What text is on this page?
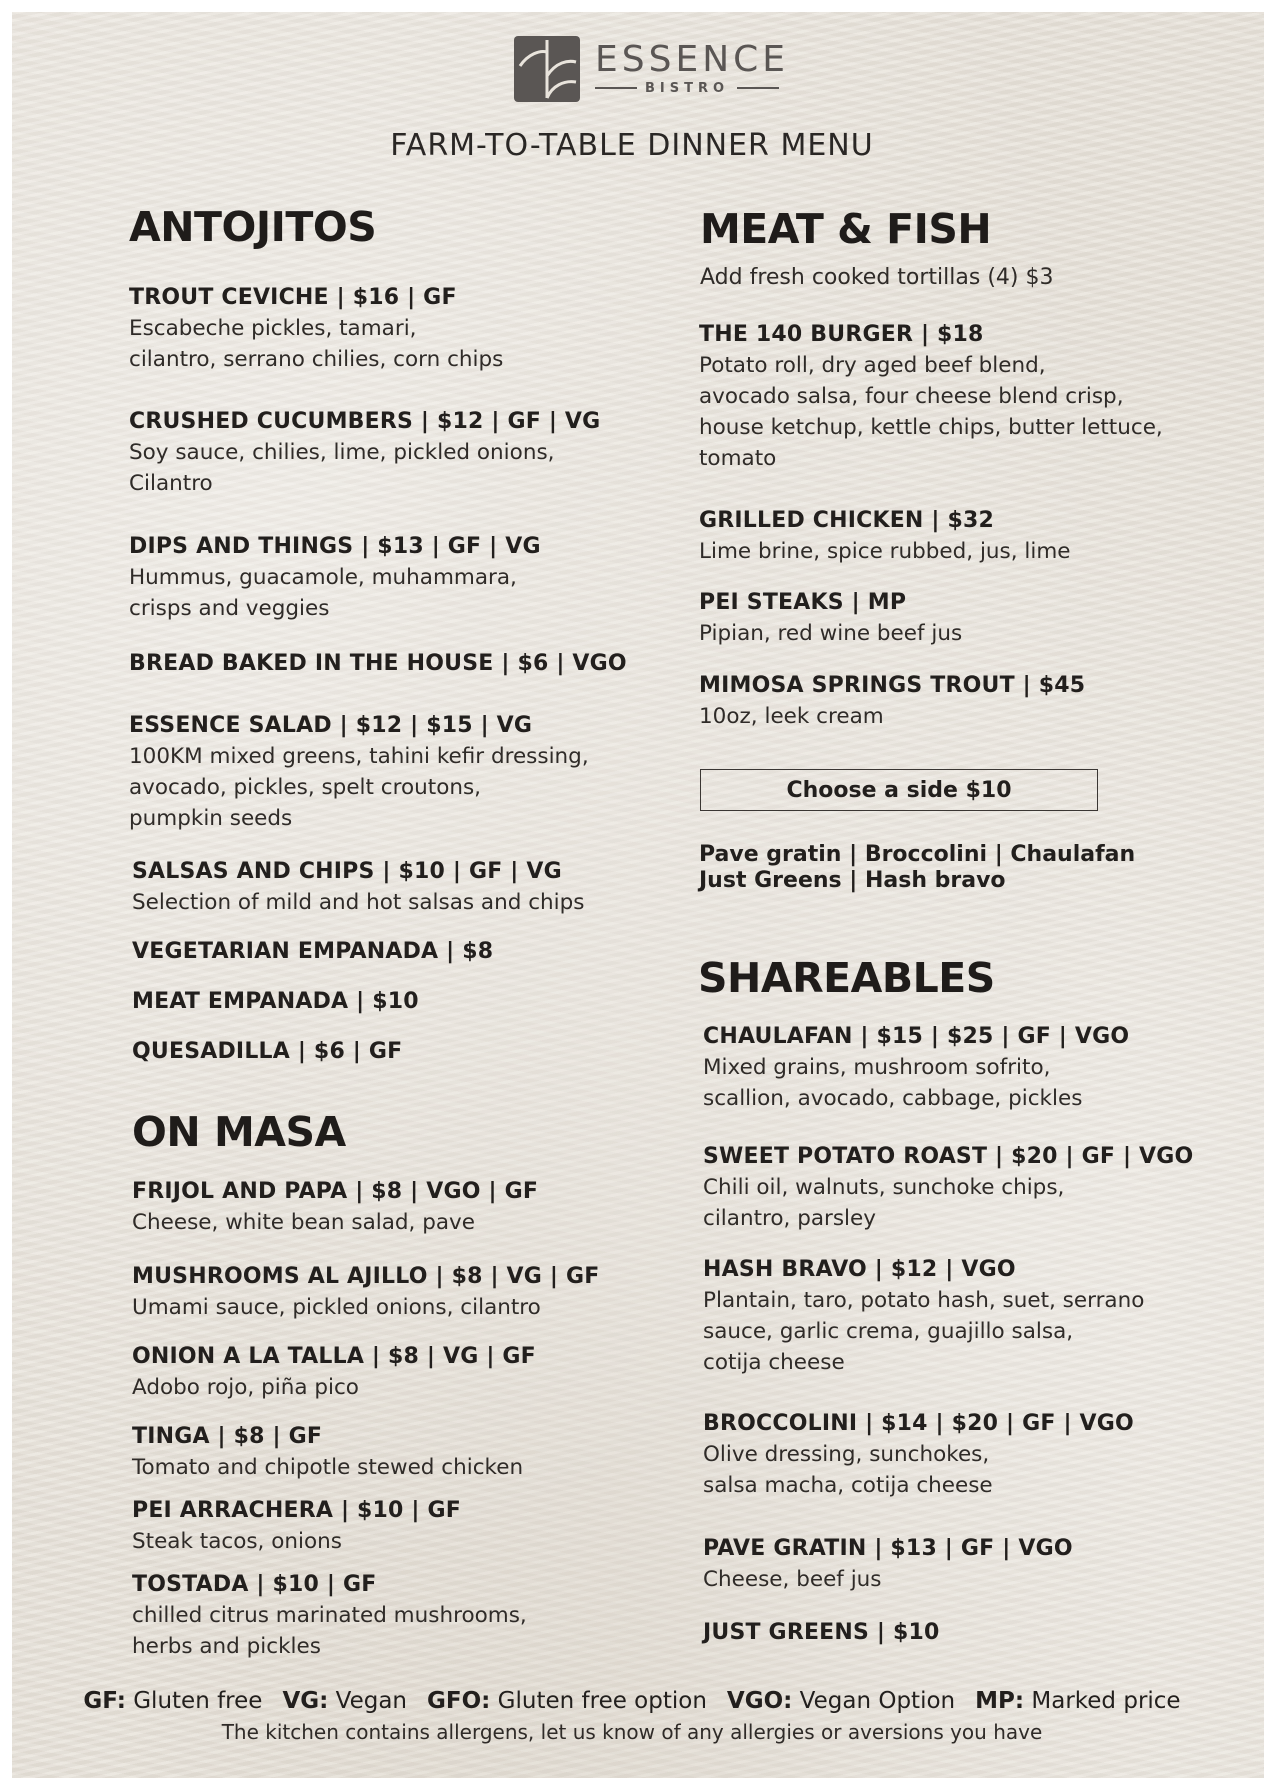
ESSENCE
BISTRO
FARM-TO-TABLE DINNER MENU
ANTOJITOS
ON MASA
MEAT & FISH
SHAREABLES
Add fresh cooked tortillas (4) $3
TROUT CEVICHE | $16 | GF
Escabeche pickles, tamari,
cilantro, serrano chilies, corn chips
CRUSHED CUCUMBERS | $12 | GF | VG
Soy sauce, chilies, lime, pickled onions,
Cilantro
DIPS AND THINGS | $13 | GF | VG
Hummus, guacamole, muhammara,
crisps and veggies
BREAD BAKED IN THE HOUSE | $6 | VGO
ESSENCE SALAD | $12 | $15 | VG
100KM mixed greens, tahini kefir dressing,
avocado, pickles, spelt croutons,
pumpkin seeds
SALSAS AND CHIPS | $10 | GF | VG
Selection of mild and hot salsas and chips
VEGETARIAN EMPANADA | $8
MEAT EMPANADA | $10
QUESADILLA | $6 | GF
FRIJOL AND PAPA | $8 | VGO | GF
Cheese, white bean salad, pave
MUSHROOMS AL AJILLO | $8 | VG | GF
Umami sauce, pickled onions, cilantro
ONION A LA TALLA | $8 | VG | GF
Adobo rojo, piña pico
TINGA | $8 | GF
Tomato and chipotle stewed chicken
PEI ARRACHERA | $10 | GF
Steak tacos, onions
TOSTADA | $10 | GF
chilled citrus marinated mushrooms,
herbs and pickles
THE 140 BURGER | $18
Potato roll, dry aged beef blend,
avocado salsa, four cheese blend crisp,
house ketchup, kettle chips, butter lettuce,
tomato
GRILLED CHICKEN | $32
Lime brine, spice rubbed, jus, lime
PEI STEAKS | MP
Pipian, red wine beef jus
MIMOSA SPRINGS TROUT | $45
10oz, leek cream
CHAULAFAN | $15 | $25 | GF | VGO
Mixed grains, mushroom sofrito,
scallion, avocado, cabbage, pickles
SWEET POTATO ROAST | $20 | GF | VGO
Chili oil, walnuts, sunchoke chips,
cilantro, parsley
HASH BRAVO | $12 | VGO
Plantain, taro, potato hash, suet, serrano
sauce, garlic crema, guajillo salsa,
cotija cheese
BROCCOLINI | $14 | $20 | GF | VGO
Olive dressing, sunchokes,
salsa macha, cotija cheese
PAVE GRATIN | $13 | GF | VGO
Cheese, beef jus
JUST GREENS | $10
Choose a side $10
Pave gratin | Broccolini | Chaulafan
Just Greens | Hash bravo
GF: Gluten free VG: Vegan GFO: Gluten free option VGO: Vegan Option MP: Marked price
The kitchen contains allergens, let us know of any allergies or aversions you have
